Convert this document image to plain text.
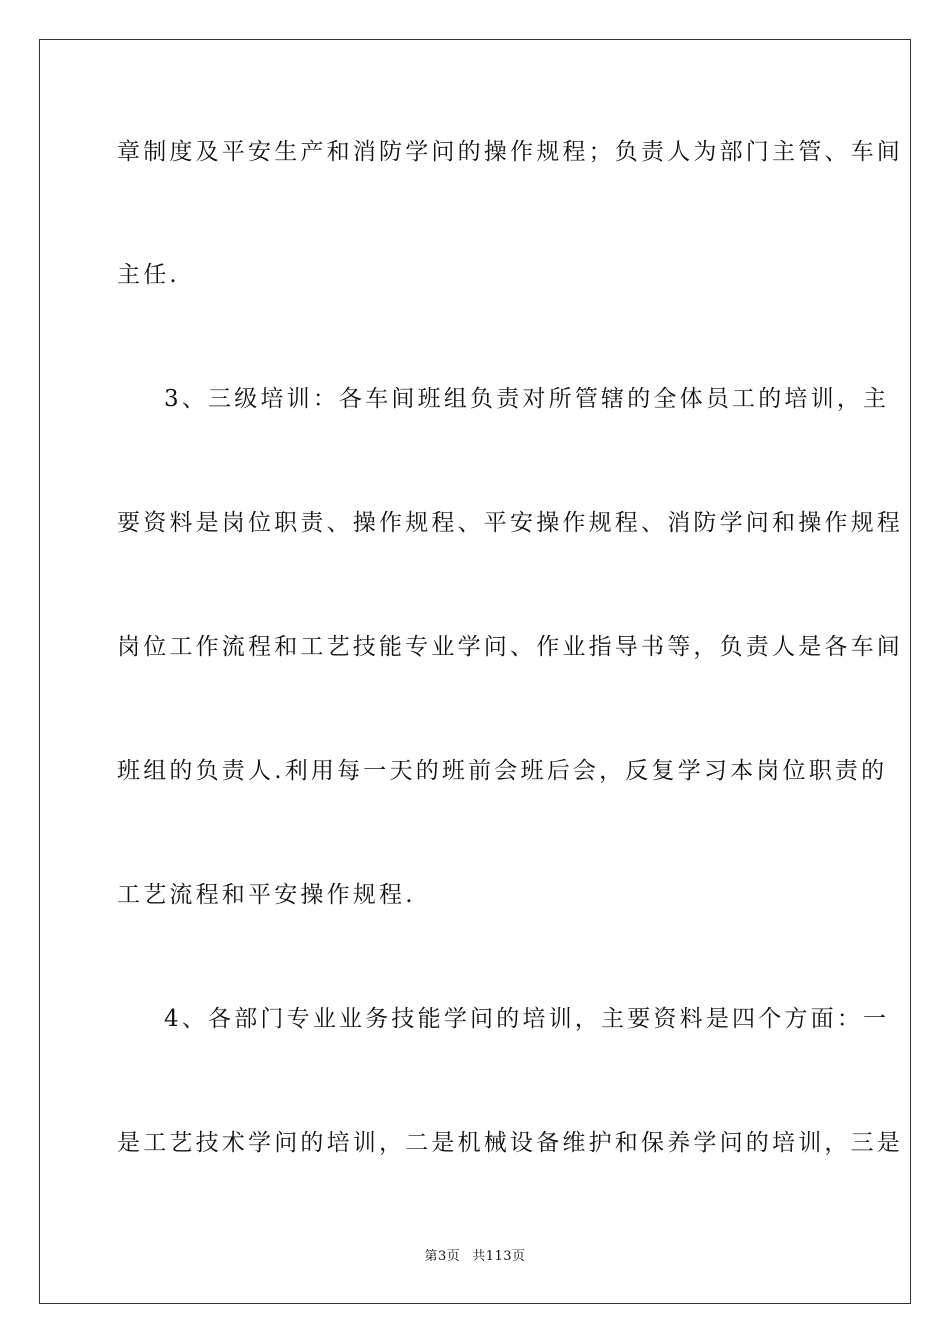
章制度及平安生产和消防学问的操作规程；负责人为部门主管、车间
主任.
3、三级培训：各车间班组负责对所管辖的全体员工的培训，主
要资料是岗位职责、操作规程、平安操作规程、消防学问和操作规程
岗位工作流程和工艺技能专业学问、作业指导书等，负责人是各车间
班组的负责人.利用每一天的班前会班后会，反复学习本岗位职责的
工艺流程和平安操作规程.
4、各部门专业业务技能学问的培训，主要资料是四个方面：一
是工艺技术学问的培训，二是机械设备维护和保养学问的培训，三是
第3页 共113页
